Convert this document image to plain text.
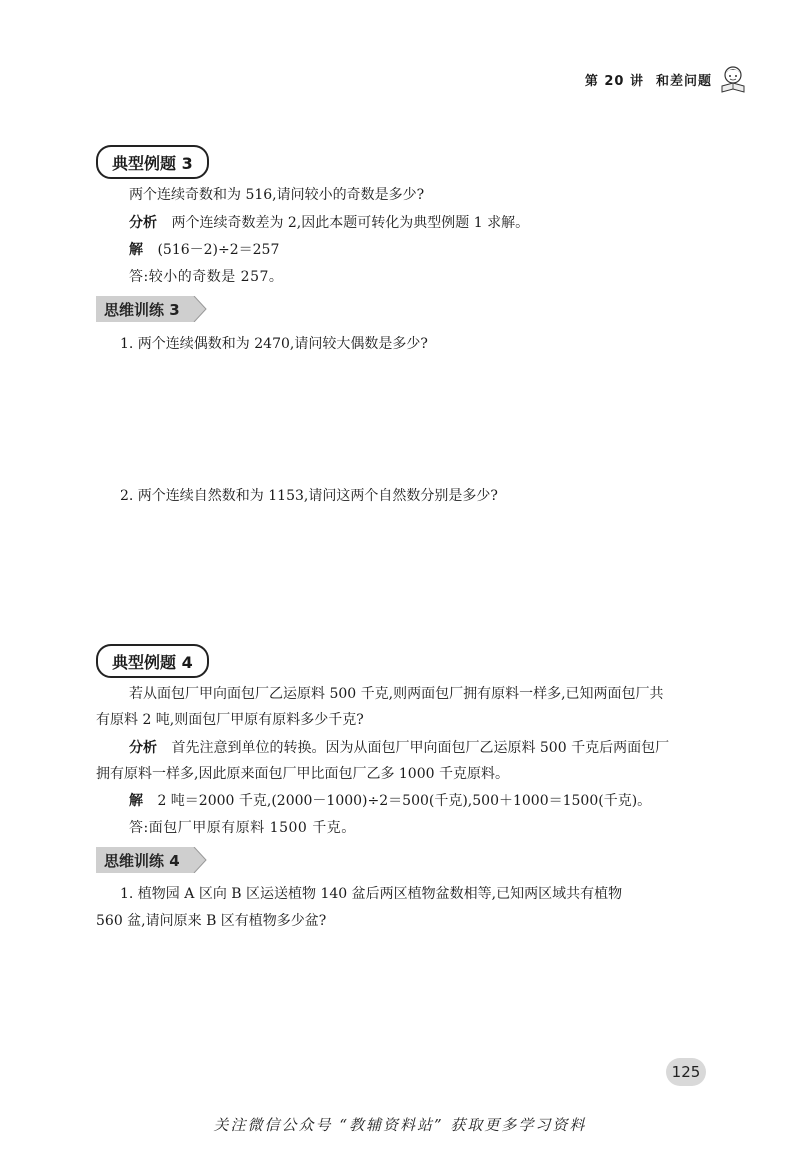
第 20 讲 和差问题
典型例题 3
两个连续奇数和为 516,请问较小的奇数是多少?
分析 两个连续奇数差为 2,因此本题可转化为典型例题 1 求解。
解 (516－2)÷2＝257
答:较小的奇数是 257。
思维训练 3
1. 两个连续偶数和为 2470,请问较大偶数是多少?
2. 两个连续自然数和为 1153,请问这两个自然数分别是多少?
典型例题 4
若从面包厂甲向面包厂乙运原料 500 千克,则两面包厂拥有原料一样多,已知两面包厂共
有原料 2 吨,则面包厂甲原有原料多少千克?
分析 首先注意到单位的转换。因为从面包厂甲向面包厂乙运原料 500 千克后两面包厂
拥有原料一样多,因此原来面包厂甲比面包厂乙多 1000 千克原料。
解 2 吨＝2000 千克,(2000－1000)÷2＝500(千克),500＋1000＝1500(千克)。
答:面包厂甲原有原料 1500 千克。
思维训练 4
1. 植物园 A 区向 B 区运送植物 140 盆后两区植物盆数相等,已知两区域共有植物
560 盆,请问原来 B 区有植物多少盆?
125
关注微信公众号 “教辅资料站” 获取更多学习资料
